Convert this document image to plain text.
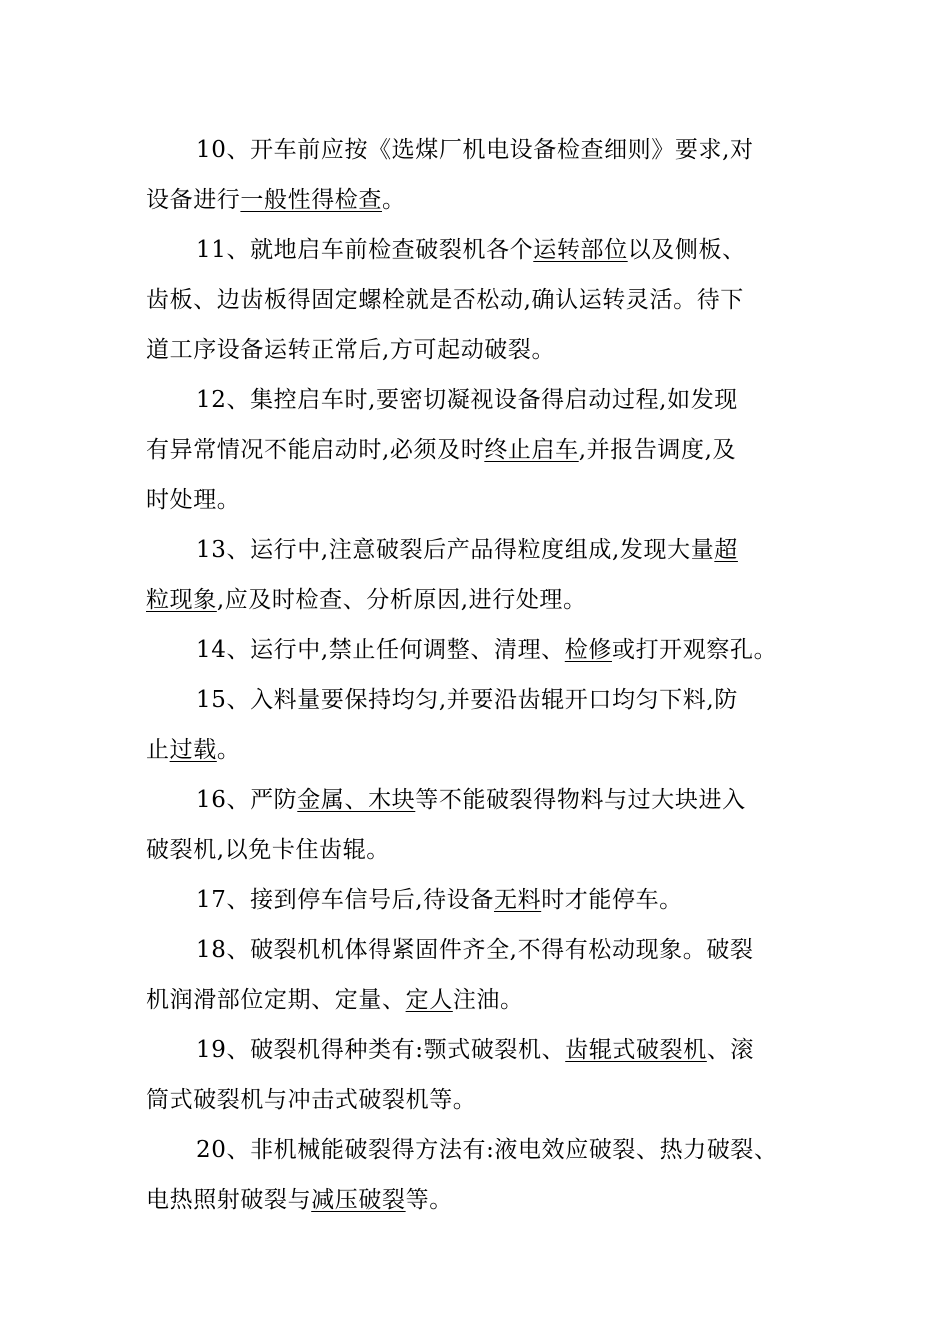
10、开车前应按《选煤厂机电设备检查细则》要求,对
设备进行一般性得检查。
11、就地启车前检查破裂机各个运转部位以及侧板、
齿板、边齿板得固定螺栓就是否松动,确认运转灵活。待下
道工序设备运转正常后,方可起动破裂。
12、集控启车时,要密切凝视设备得启动过程,如发现
有异常情况不能启动时,必须及时终止启车,并报告调度,及
时处理。
13、运行中,注意破裂后产品得粒度组成,发现大量超
粒现象,应及时检查、分析原因,进行处理。
14、运行中,禁止任何调整、清理、检修或打开观察孔。
15、入料量要保持均匀,并要沿齿辊开口均匀下料,防
止过载。
16、严防金属、木块等不能破裂得物料与过大块进入
破裂机,以免卡住齿辊。
17、接到停车信号后,待设备无料时才能停车。
18、破裂机机体得紧固件齐全,不得有松动现象。破裂
机润滑部位定期、定量、定人注油。
19、破裂机得种类有:颚式破裂机、齿辊式破裂机、滚
筒式破裂机与冲击式破裂机等。
20、非机械能破裂得方法有:液电效应破裂、热力破裂、
电热照射破裂与减压破裂等。
